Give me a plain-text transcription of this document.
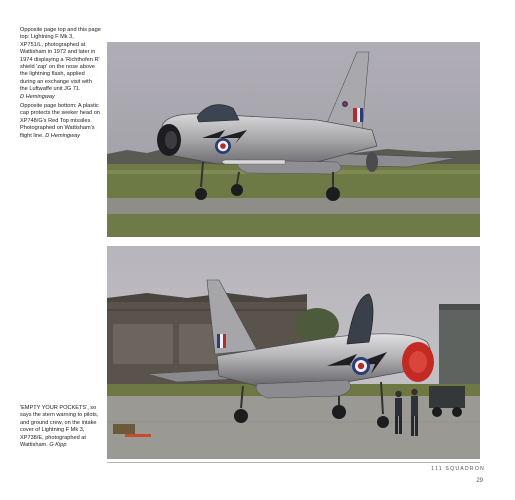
Opposite page top and this page
top: Lightning F Mk 3,
XP751/L, photographed at
Wattisham in 1972 and later in
1974 displaying a 'Richthofen R'
shield 'zap' on the nose above
the lightning flash, applied
during an exchange visit with
the Luftwaffe unit JG 71.
D Hemingway
Opposite page bottom: A plastic
cap protects the seeker head on
XP748/G's Red Top missiles.
Photographed on Wattisham's
flight line. D Hemingway
'EMPTY YOUR POCKETS', so
says the stern warning to pilots,
and ground crew, on the intake
cover of Lightning F Mk 3,
XP738/E, photographed at
Wattisham. G Kipp
111 SQUADRON
29
